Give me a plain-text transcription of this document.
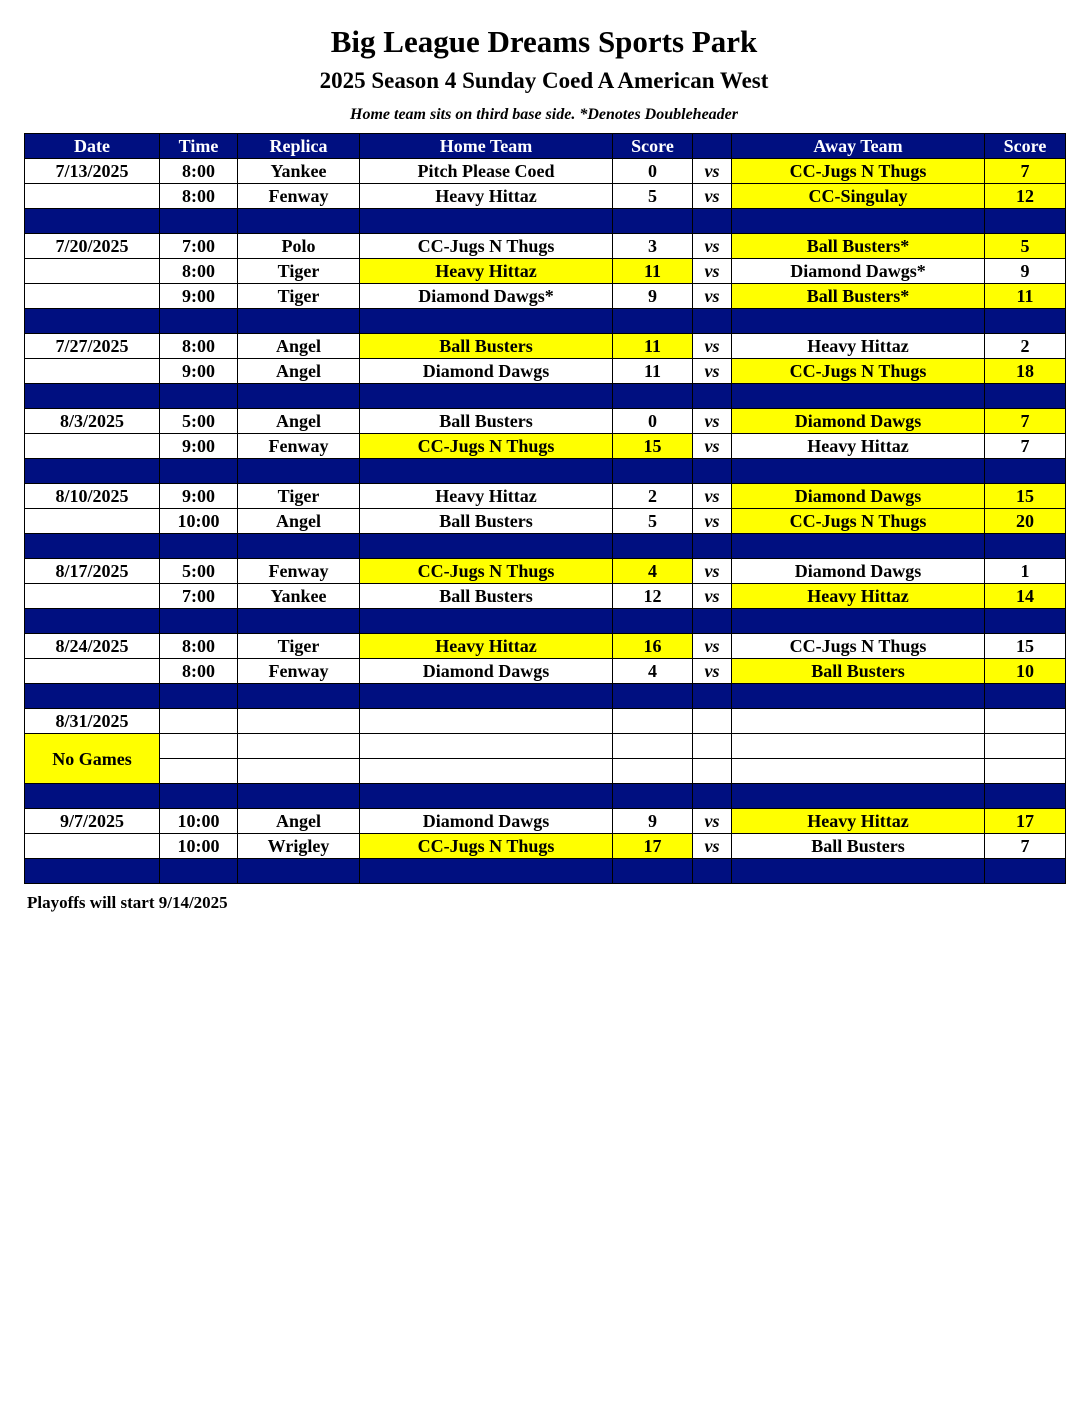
Big League Dreams Sports Park
2025 Season 4 Sunday Coed A American West
Home team sits on third base side. *Denotes Doubleheader
Date	Time	Replica	Home Team	Score		Away Team	Score
7/13/2025	8:00	Yankee	Pitch Please Coed	0	vs	CC-Jugs N Thugs	7
	8:00	Fenway	Heavy Hittaz	5	vs	CC-Singulay	12

7/20/2025	7:00	Polo	CC-Jugs N Thugs	3	vs	Ball Busters*	5
	8:00	Tiger	Heavy Hittaz	11	vs	Diamond Dawgs*	9
	9:00	Tiger	Diamond Dawgs*	9	vs	Ball Busters*	11

7/27/2025	8:00	Angel	Ball Busters	11	vs	Heavy Hittaz	2
	9:00	Angel	Diamond Dawgs	11	vs	CC-Jugs N Thugs	18

8/3/2025	5:00	Angel	Ball Busters	0	vs	Diamond Dawgs	7
	9:00	Fenway	CC-Jugs N Thugs	15	vs	Heavy Hittaz	7

8/10/2025	9:00	Tiger	Heavy Hittaz	2	vs	Diamond Dawgs	15
	10:00	Angel	Ball Busters	5	vs	CC-Jugs N Thugs	20

8/17/2025	5:00	Fenway	CC-Jugs N Thugs	4	vs	Diamond Dawgs	1
	7:00	Yankee	Ball Busters	12	vs	Heavy Hittaz	14

8/24/2025	8:00	Tiger	Heavy Hittaz	16	vs	CC-Jugs N Thugs	15
	8:00	Fenway	Diamond Dawgs	4	vs	Ball Busters	10

8/31/2025							
No Games							

9/7/2025	10:00	Angel	Diamond Dawgs	9	vs	Heavy Hittaz	17
	10:00	Wrigley	CC-Jugs N Thugs	17	vs	Ball Busters	7

Playoffs will start 9/14/2025
